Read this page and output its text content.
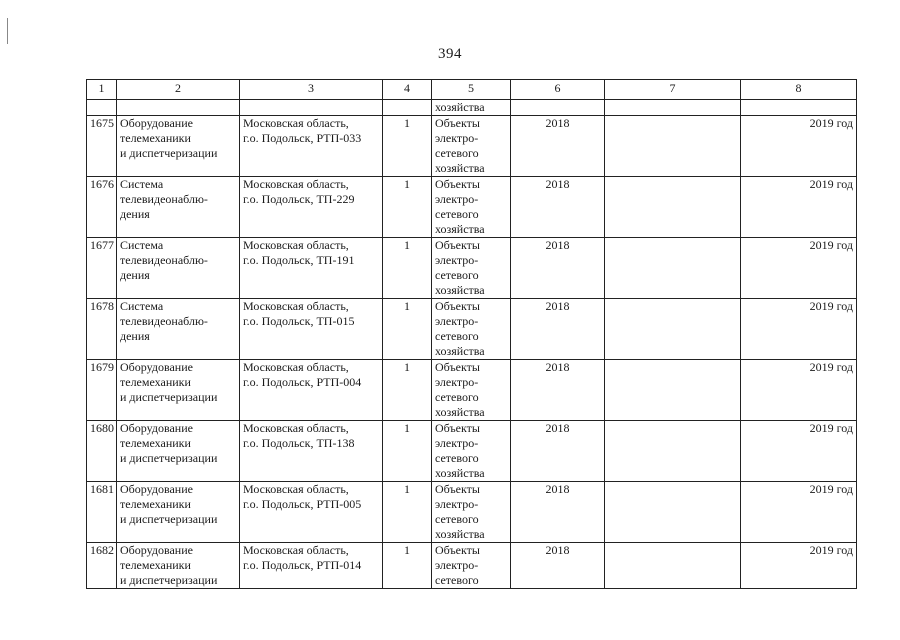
394
1	2	3	4	5	6	7	8
				хозяйства			
1675	Оборудование
телемеханики
и диспетчеризации	Московская область,
г.о. Подольск, РТП-033	1	Объекты
электро-
сетевого
хозяйства	2018		2019 год
1676	Система
телевидеонаблю-
дения	Московская область,
г.о. Подольск, ТП-229	1	Объекты
электро-
сетевого
хозяйства	2018		2019 год
1677	Система
телевидеонаблю-
дения	Московская область,
г.о. Подольск, ТП-191	1	Объекты
электро-
сетевого
хозяйства	2018		2019 год
1678	Система
телевидеонаблю-
дения	Московская область,
г.о. Подольск, ТП-015	1	Объекты
электро-
сетевого
хозяйства	2018		2019 год
1679	Оборудование
телемеханики
и диспетчеризации	Московская область,
г.о. Подольск, РТП-004	1	Объекты
электро-
сетевого
хозяйства	2018		2019 год
1680	Оборудование
телемеханики
и диспетчеризации	Московская область,
г.о. Подольск, ТП-138	1	Объекты
электро-
сетевого
хозяйства	2018		2019 год
1681	Оборудование
телемеханики
и диспетчеризации	Московская область,
г.о. Подольск, РТП-005	1	Объекты
электро-
сетевого
хозяйства	2018		2019 год
1682	Оборудование
телемеханики
и диспетчеризации	Московская область,
г.о. Подольск, РТП-014	1	Объекты
электро-
сетевого	2018		2019 год
